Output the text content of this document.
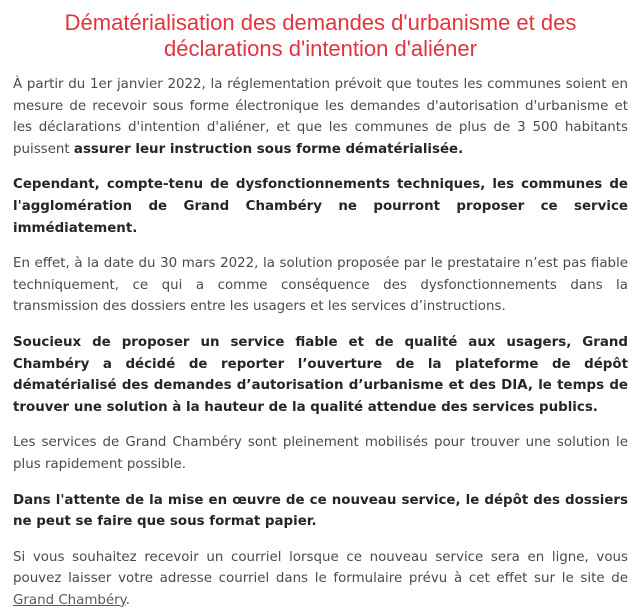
Dématérialisation des demandes d'urbanisme et des déclarations d'intention d'aliéner

À partir du 1er janvier 2022, la réglementation prévoit que toutes les communes soient en mesure de recevoir sous forme électronique les demandes d'autorisation d'urbanisme et les déclarations d'intention d'aliéner, et que les communes de plus de 3 500 habitants puissent assurer leur instruction sous forme dématérialisée.

Cependant, compte-tenu de dysfonctionnements techniques, les communes de l'agglomération de Grand Chambéry ne pourront proposer ce service immédiatement.

En effet, à la date du 30 mars 2022, la solution proposée par le prestataire n’est pas fiable techniquement, ce qui a comme conséquence des dysfonctionnements dans la transmission des dossiers entre les usagers et les services d’instructions.

Soucieux de proposer un service fiable et de qualité aux usagers, Grand Chambéry a décidé de reporter l’ouverture de la plateforme de dépôt dématérialisé des demandes d’autorisation d’urbanisme et des DIA, le temps de trouver une solution à la hauteur de la qualité attendue des services publics.

Les services de Grand Chambéry sont pleinement mobilisés pour trouver une solution le plus rapidement possible.

Dans l'attente de la mise en œuvre de ce nouveau service, le dépôt des dossiers ne peut se faire que sous format papier.

Si vous souhaitez recevoir un courriel lorsque ce nouveau service sera en ligne, vous pouvez laisser votre adresse courriel dans le formulaire prévu à cet effet sur le site de Grand Chambéry.
